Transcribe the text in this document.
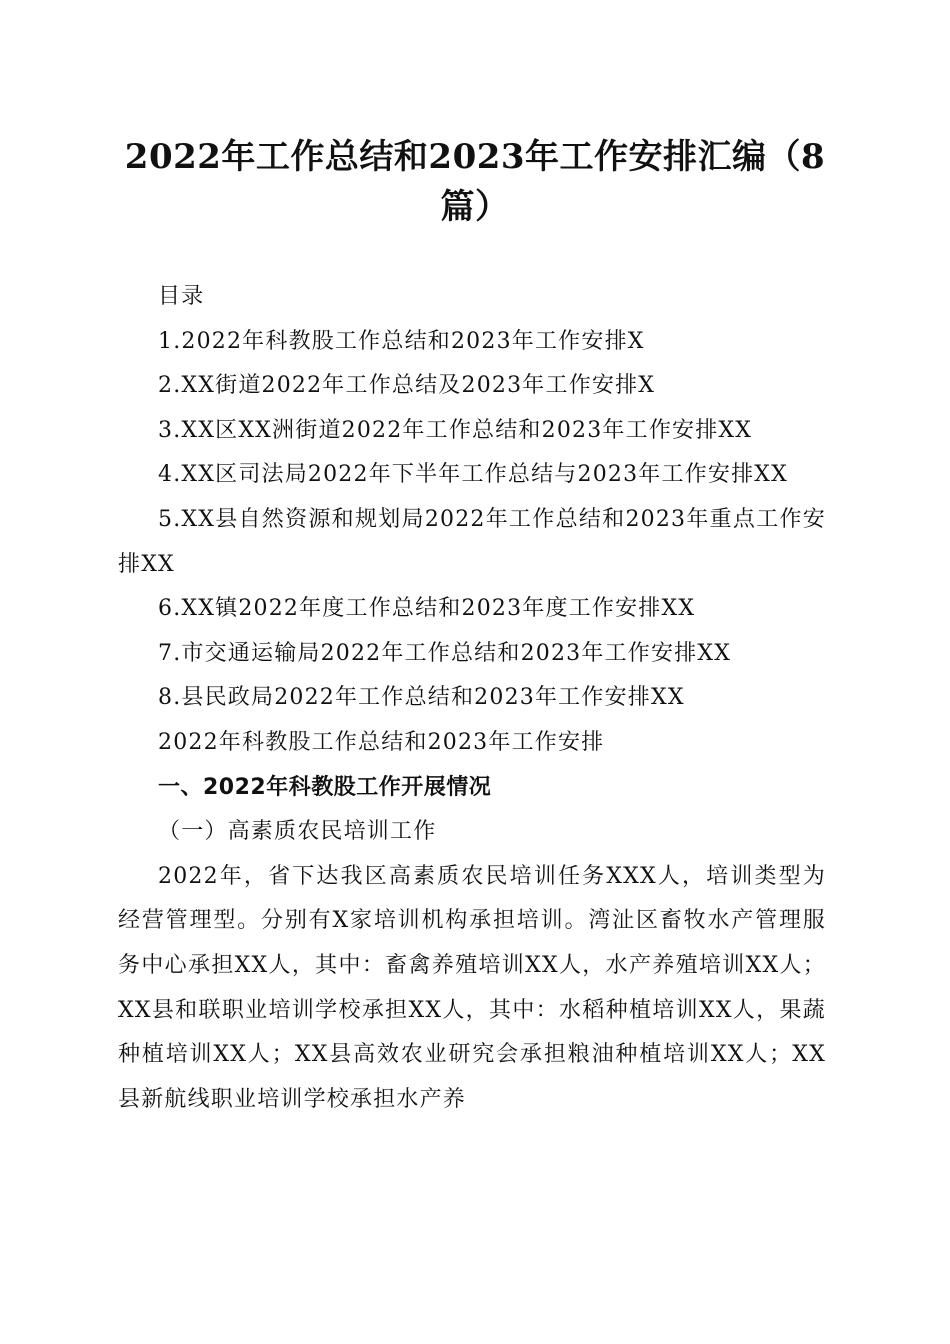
2022年工作总结和2023年工作安排汇编（8
篇）

目录

1.2022年科教股工作总结和2023年工作安排X

2.XX街道2022年工作总结及2023年工作安排X

3.XX区XX洲街道2022年工作总结和2023年工作安排XX

4.XX区司法局2022年下半年工作总结与2023年工作安排XX

5.XX县自然资源和规划局2022年工作总结和2023年重点工作安排XX

6.XX镇2022年度工作总结和2023年度工作安排XX

7.市交通运输局2022年工作总结和2023年工作安排XX

8.县民政局2022年工作总结和2023年工作安排XX

2022年科教股工作总结和2023年工作安排

一、2022年科教股工作开展情况

（一）高素质农民培训工作

2022年，省下达我区高素质农民培训任务XXX人，培训类型为经营管理型。分别有X家培训机构承担培训。湾沚区畜牧水产管理服务中心承担XX人，其中：畜禽养殖培训XX人，水产养殖培训XX人；XX县和联职业培训学校承担XX人，其中：水稻种植培训XX人，果蔬种植培训XX人；XX县高效农业研究会承担粮油种植培训XX人；XX县新航线职业培训学校承担水产养
